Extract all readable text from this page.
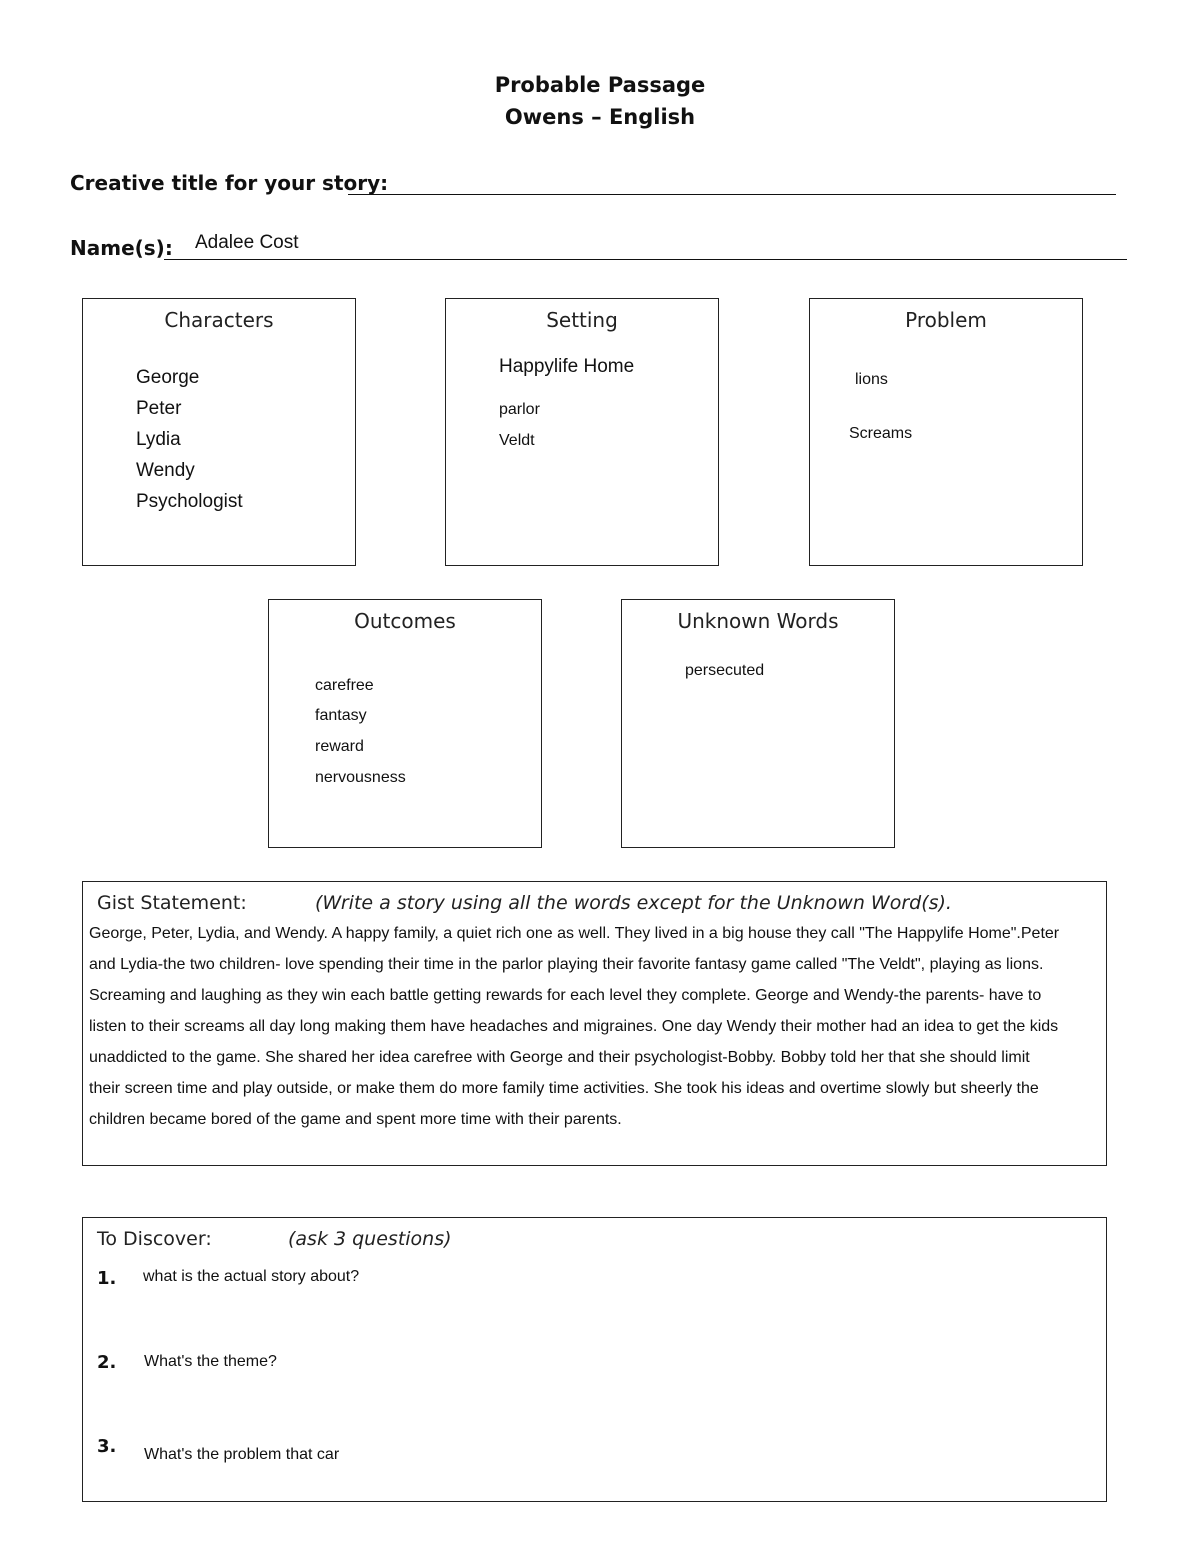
Probable Passage
Owens – English
Creative title for your story:
Name(s): Adalee Cost
Characters
George
Peter
Lydia
Wendy
Psychologist
Setting
Happylife Home
parlor
Veldt
Problem
lions
Screams
Outcomes
carefree
fantasy
reward
nervousness
Unknown Words
persecuted
Gist Statement:	(Write a story using all the words except for the Unknown Word(s).
George, Peter, Lydia, and Wendy. A happy family, a quiet rich one as well. They lived in a big house they call "The Happylife Home".Peter and Lydia-the two children- love spending their time in the parlor playing their favorite fantasy game called "The Veldt", playing as lions. Screaming and laughing as they win each battle getting rewards for each level they complete. George and Wendy-the parents- have to listen to their screams all day long making them have headaches and migraines. One day Wendy their mother had an idea to get the kids unaddicted to the game. She shared her idea carefree with George and their psychologist-Bobby. Bobby told her that she should limit their screen time and play outside, or make them do more family time activities. She took his ideas and overtime slowly but sheerly the children became bored of the game and spent more time with their parents.
To Discover:	(ask 3 questions)
1. what is the actual story about?
2. What's the theme?
3. What's the problem that car
